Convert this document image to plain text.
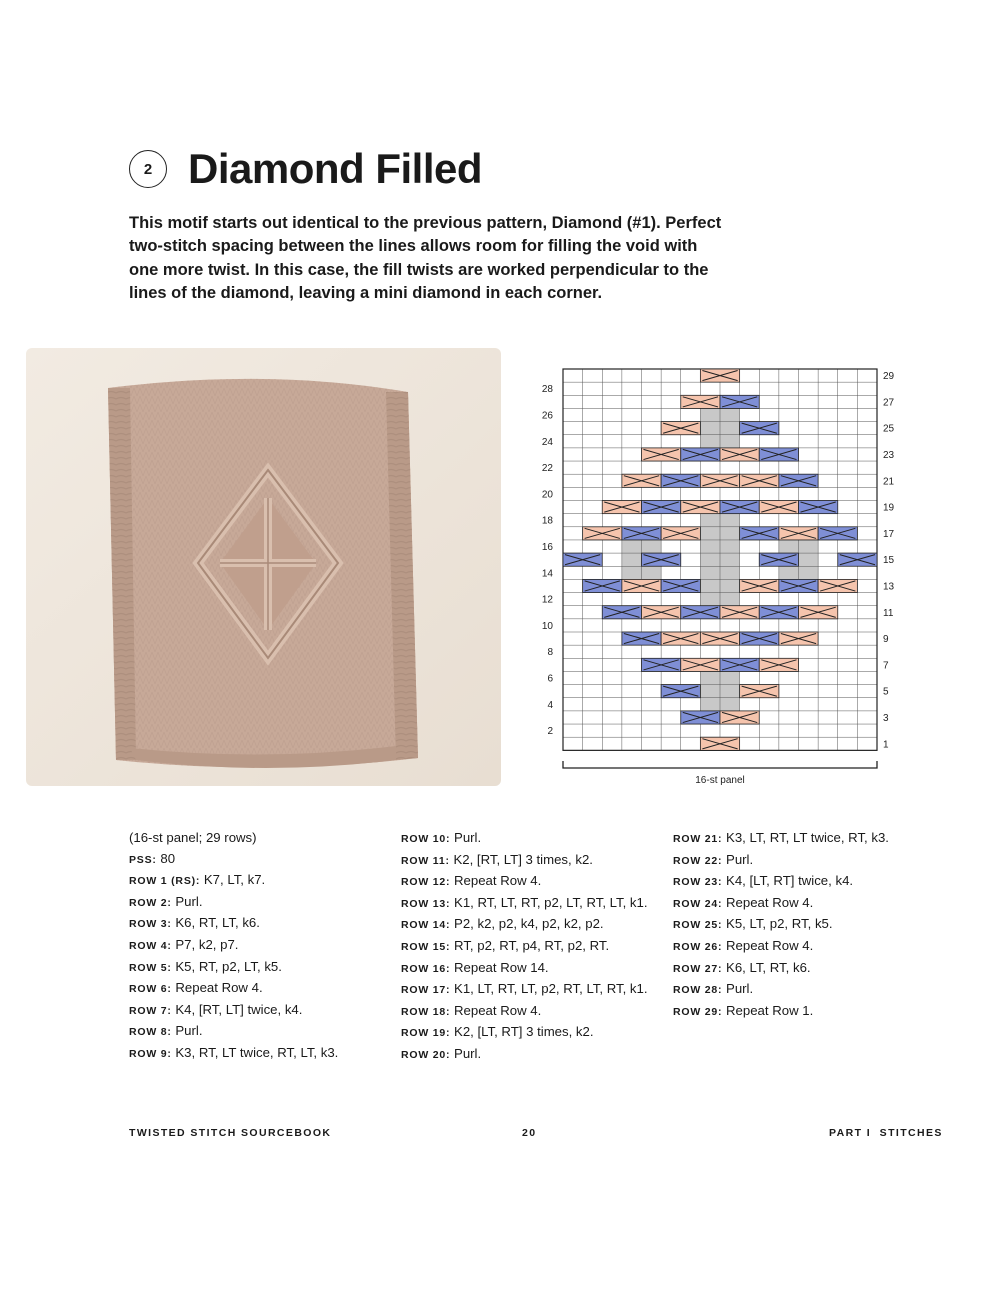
2 Diamond Filled

This motif starts out identical to the previous pattern, Diamond (#1). Perfect two-stitch spacing between the lines allows room for filling the void with one more twist. In this case, the fill twists are worked perpendicular to the lines of the diamond, leaving a mini diamond in each corner.

28
26
24
22
20
18
16
14
12
10
8
6
4
2
29
27
25
23
21
19
17
15
13
11
9
7
5
3
1
16-st panel
(16-st panel; 29 rows)
PSS: 80
ROW 1 (RS): K7, LT, k7.
ROW 2: Purl.
ROW 3: K6, RT, LT, k6.
ROW 4: P7, k2, p7.
ROW 5: K5, RT, p2, LT, k5.
ROW 6: Repeat Row 4.
ROW 7: K4, [RT, LT] twice, k4.
ROW 8: Purl.
ROW 9: K3, RT, LT twice, RT, LT, k3.
ROW 10: Purl.
ROW 11: K2, [RT, LT] 3 times, k2.
ROW 12: Repeat Row 4.
ROW 13: K1, RT, LT, RT, p2, LT, RT, LT, k1.
ROW 14: P2, k2, p2, k4, p2, k2, p2.
ROW 15: RT, p2, RT, p4, RT, p2, RT.
ROW 16: Repeat Row 14.
ROW 17: K1, LT, RT, LT, p2, RT, LT, RT, k1.
ROW 18: Repeat Row 4.
ROW 19: K2, [LT, RT] 3 times, k2.
ROW 20: Purl.
ROW 21: K3, LT, RT, LT twice, RT, k3.
ROW 22: Purl.
ROW 23: K4, [LT, RT] twice, k4.
ROW 24: Repeat Row 4.
ROW 25: K5, LT, p2, RT, k5.
ROW 26: Repeat Row 4.
ROW 27: K6, LT, RT, k6.
ROW 28: Purl.
ROW 29: Repeat Row 1.
TWISTED STITCH SOURCEBOOK	20	PART I  STITCHES
